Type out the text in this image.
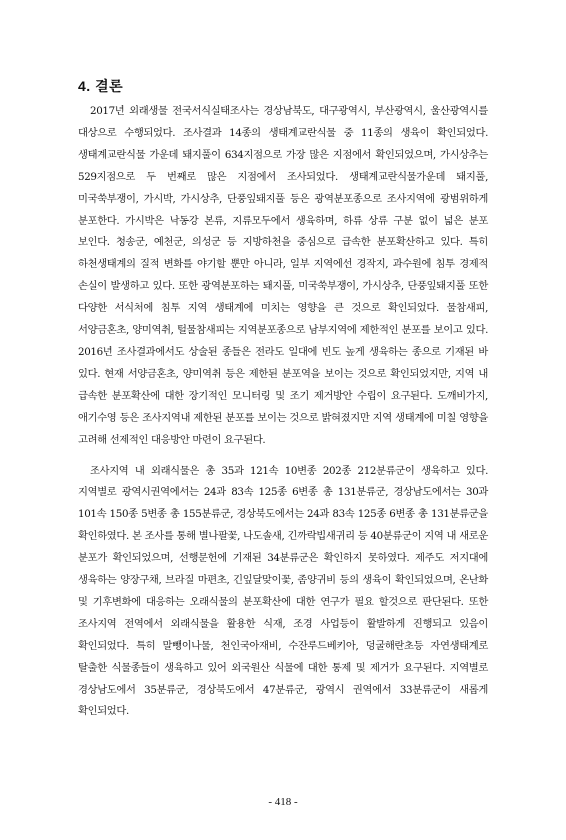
4. 결론

2017년 외래생물 전국서식실태조사는 경상남북도, 대구광역시, 부산광역시, 울산광역시를 대상으로 수행되었다. 조사결과 14종의 생태계교란식물 중 11종의 생육이 확인되었다. 생태계교란식물 가운데 돼지풀이 634지점으로 가장 많은 지점에서 확인되었으며, 가시상추는 529지점으로 두 번째로 많은 지점에서 조사되었다. 생태계교란식물가운데 돼지풀, 미국쑥부쟁이, 가시박, 가시상추, 단풍잎돼지풀 등은 광역분포종으로 조사지역에 광범위하게 분포한다. 가시박은 낙동강 본류, 지류모두에서 생육하며, 하류 상류 구분 없이 넓은 분포 보인다. 청송군, 예천군, 의성군 등 지방하천을 중심으로 급속한 분포확산하고 있다. 특히 하천생태계의 질적 변화를 야기할 뿐만 아니라, 일부 지역에선 경작지, 과수원에 침투 경제적 손실이 발생하고 있다. 또한 광역분포하는 돼지풀, 미국쑥부쟁이, 가시상추, 단풍잎돼지풀 또한 다양한 서식처에 침투 지역 생태계에 미치는 영향을 큰 것으로 확인되었다. 물참새피, 서양금혼초, 양미역취, 털물참새피는 지역분포종으로 남부지역에 제한적인 분포를 보이고 있다. 2016년 조사결과에서도 상술된 종들은 전라도 일대에 빈도 높게 생육하는 종으로 기재된 바 있다. 현재 서양금혼초, 양미역취 등은 제한된 분포역을 보이는 것으로 확인되었지만, 지역 내 급속한 분포확산에 대한 장기적인 모니터링 및 조기 제거방안 수립이 요구된다. 도깨비가지, 애기수영 등은 조사지역내 제한된 분포를 보이는 것으로 밝혀졌지만 지역 생태계에 미칠 영향을 고려해 선제적인 대응방안 마련이 요구된다.

조사지역 내 외래식물은 총 35과 121속 10변종 202종 212분류군이 생육하고 있다. 지역별로 광역시권역에서는 24과 83속 125종 6변종 총 131분류군, 경상남도에서는 30과 101속 150종 5변종 총 155분류군, 경상북도에서는 24과 83속 125종 6변종 총 131분류군을 확인하였다. 본 조사를 통해 별나팔꽃, 나도솔새, 긴까락빕새귀리 등 40분류군이 지역 내 새로운 분포가 확인되었으며, 선행문헌에 기재된 34분류군은 확인하지 못하였다. 제주도 저지대에 생육하는 양장구채, 브라질 마편초, 긴잎달맞이꽃, 좀양귀비 등의 생육이 확인되었으며, 온난화 및 기후변화에 대응하는 오래식물의 분포확산에 대한 연구가 필요 할것으로 판단된다. 또한 조사지역 전역에서 외래식물을 활용한 식재, 조경 사업등이 활발하게 진행되고 있음이 확인되었다. 특히 말뺑이나물, 천인국아재비, 수잔루드베키아, 덩굴해란초등 자연생태계로 탈출한 식물종들이 생육하고 있어 외국원산 식물에 대한 통제 및 제거가 요구된다. 지역별로 경상남도에서 35분류군, 경상북도에서 47분류군, 광역시 권역에서 33분류군이 새롭게 확인되었다.

- 418 -
